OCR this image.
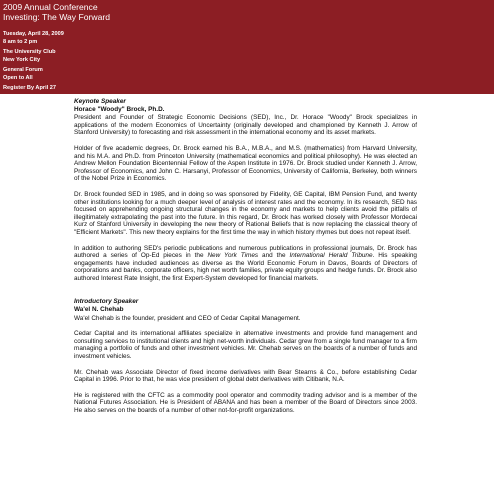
2009 Annual Conference
Investing: The Way Forward
Tuesday, April 28, 2009
8 am to 2 pm
The University Club
New York City
General Forum
Open to All
Register By April 27
Keynote Speaker
Horace "Woody" Brock, Ph.D.

President and Founder of Strategic Economic Decisions (SED), Inc., Dr. Horace "Woody" Brock specializes in applications of the modern Economics of Uncertainty (originally developed and championed by Kenneth J. Arrow of Stanford University) to forecasting and risk assessment in the international economy and its asset markets.

Holder of five academic degrees, Dr. Brock earned his B.A., M.B.A., and M.S. (mathematics) from Harvard University, and his M.A. and Ph.D. from Princeton University (mathematical economics and political philosophy). He was elected an Andrew Mellon Foundation Bicentennial Fellow of the Aspen Institute in 1976. Dr. Brock studied under Kenneth J. Arrow, Professor of Economics, and John C. Harsanyi, Professor of Economics, University of California, Berkeley, both winners of the Nobel Prize in Economics.

Dr. Brock founded SED in 1985, and in doing so was sponsored by Fidelity, GE Capital, IBM Pension Fund, and twenty other institutions looking for a much deeper level of analysis of interest rates and the economy. In its research, SED has focused on apprehending ongoing structural changes in the economy and markets to help clients avoid the pitfalls of illegitimately extrapolating the past into the future. In this regard, Dr. Brock has worked closely with Professor Mordecai Kurz of Stanford University in developing the new theory of Rational Beliefs that is now replacing the classical theory of "Efficient Markets". This new theory explains for the first time the way in which history rhymes but does not repeat itself.

In addition to authoring SED's periodic publications and numerous publications in professional journals, Dr. Brock has authored a series of Op-Ed pieces in the New York Times and the International Herald Tribune. His speaking engagements have included audiences as diverse as the World Economic Forum in Davos, Boards of Directors of corporations and banks, corporate officers, high net worth families, private equity groups and hedge funds. Dr. Brock also authored Interest Rate Insight, the first Expert-System developed for financial markets.

Introductory Speaker
Wa'el N. Chehab

Wa'el Chehab is the founder, president and CEO of Cedar Capital Management.

Cedar Capital and its international affiliates specialize in alternative investments and provide fund management and consulting services to institutional clients and high net-worth individuals. Cedar grew from a single fund manager to a firm managing a portfolio of funds and other investment vehicles. Mr. Chehab serves on the boards of a number of funds and investment vehicles.

Mr. Chehab was Associate Director of fixed income derivatives with Bear Stearns & Co., before establishing Cedar Capital in 1996. Prior to that, he was vice president of global debt derivatives with Citibank, N.A.

He is registered with the CFTC as a commodity pool operator and commodity trading advisor and is a member of the National Futures Association. He is President of ABANA and has been a member of the Board of Directors since 2003. He also serves on the boards of a number of other not-for-profit organizations.
